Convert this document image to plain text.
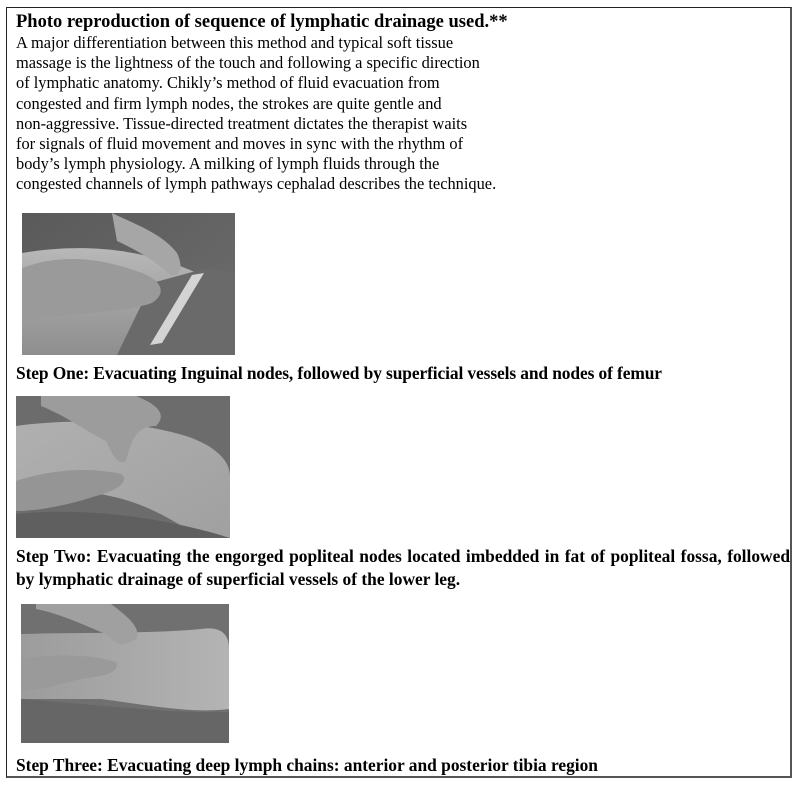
Photo reproduction of sequence of lymphatic drainage used.**
A major differentiation between this method and typical soft tissue
massage is the lightness of the touch and following a specific direction
of lymphatic anatomy. Chikly’s method of fluid evacuation from
congested and firm lymph nodes, the strokes are quite gentle and
non-aggressive. Tissue-directed treatment dictates the therapist waits
for signals of fluid movement and moves in sync with the rhythm of
body’s lymph physiology. A milking of lymph fluids through the
congested channels of lymph pathways cephalad describes the technique.
Step One: Evacuating Inguinal nodes, followed by superficial vessels and nodes of femur
Step Two: Evacuating the engorged popliteal nodes located imbedded in fat of popliteal fossa, followed by lymphatic drainage of superficial vessels of the lower leg.
Step Three: Evacuating deep lymph chains: anterior and posterior tibia region
